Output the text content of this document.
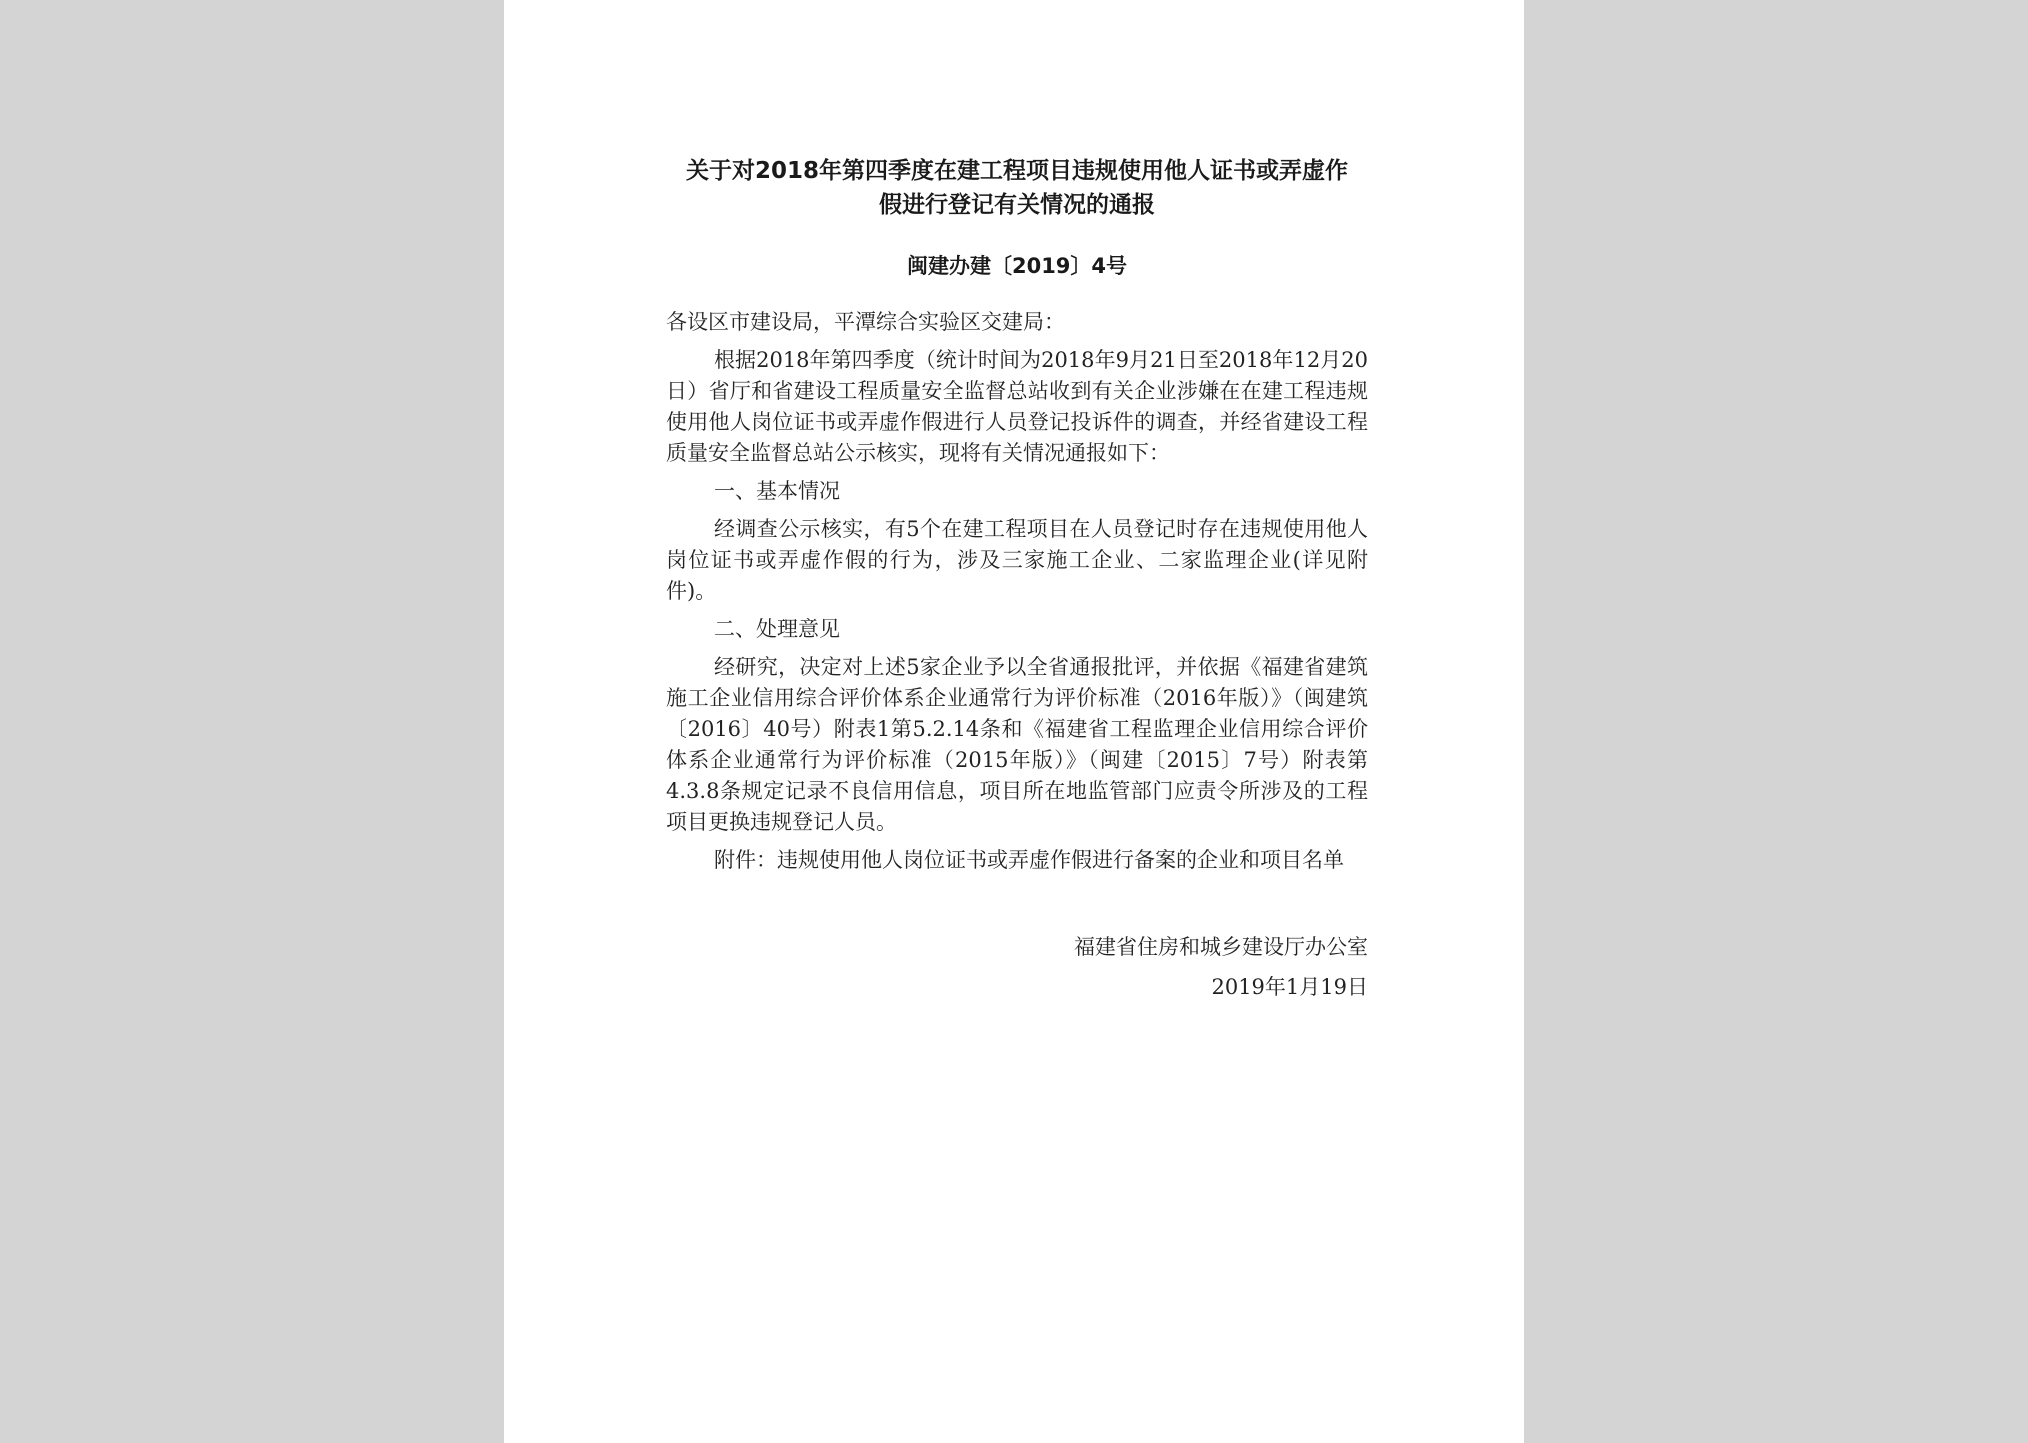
关于对2018年第四季度在建工程项目违规使用他人证书或弄虚作
假进行登记有关情况的通报
闽建办建〔2019〕4号

各设区市建设局，平潭综合实验区交建局：

根据2018年第四季度（统计时间为2018年9月21日至2018年12月20日）省厅和省建设工程质量安全监督总站收到有关企业涉嫌在在建工程违规使用他人岗位证书或弄虚作假进行人员登记投诉件的调查，并经省建设工程质量安全监督总站公示核实，现将有关情况通报如下：

一、基本情况

经调查公示核实，有5个在建工程项目在人员登记时存在违规使用他人岗位证书或弄虚作假的行为，涉及三家施工企业、二家监理企业(详见附件)。

二、处理意见

经研究，决定对上述5家企业予以全省通报批评，并依据《福建省建筑施工企业信用综合评价体系企业通常行为评价标准（2016年版）》（闽建筑〔2016〕40号）附表1第5.2.14条和《福建省工程监理企业信用综合评价体系企业通常行为评价标准（2015年版）》（闽建〔2015〕7号）附表第4.3.8条规定记录不良信用信息，项目所在地监管部门应责令所涉及的工程项目更换违规登记人员。

附件：违规使用他人岗位证书或弄虚作假进行备案的企业和项目名单

福建省住房和城乡建设厅办公室
2019年1月19日
